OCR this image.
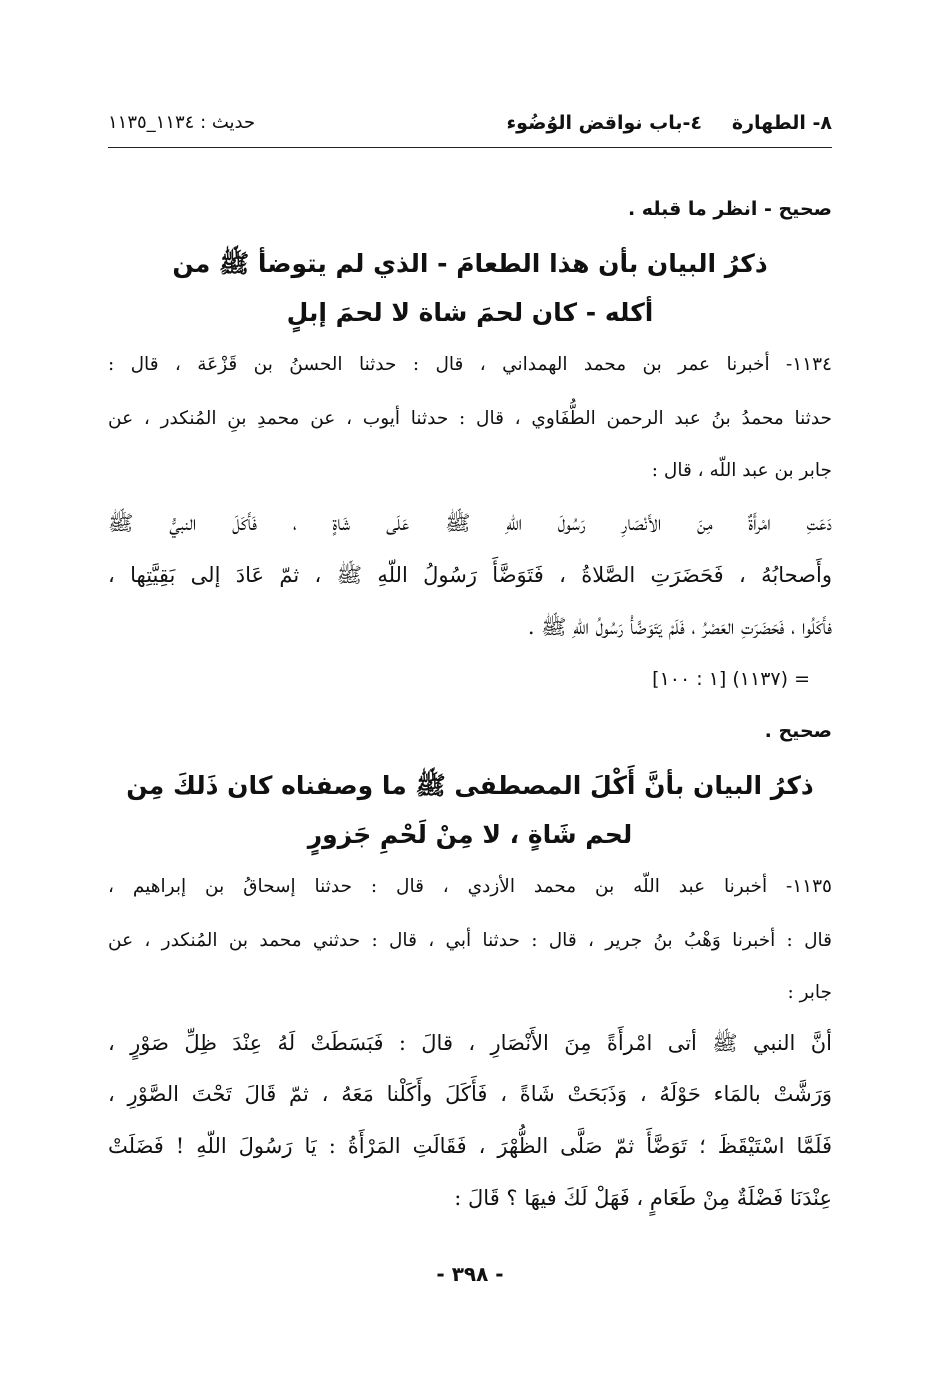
٨- الطهارة
٤-باب نواقض الوُضُوء
حديث : ١١٣٤_١١٣٥
صحيح - انظر ما قبله .
ذكرُ البيان بأن هذا الطعامَ - الذي لم يتوضأ ﷺ من
أكله - كان لحمَ شاة لا لحمَ إبلٍ
١١٣٤- أخبرنا عمر بن محمد الهمداني ، قال : حدثنا الحسنُ بن قَزْعَة ، قال :
حدثنا محمدُ بنُ عبد الرحمن الطُّفَاوي ، قال : حدثنا أيوب ، عن محمدِ بنِ المُنكدر ، عن
جابر بن عبد اللّه ، قال :
دَعَتِ امْرأَةٌ مِنَ الأَنْصَارِ رَسُولَ اللّهِ ﷺ عَلَى شَاةٍ ، فَأَكَلَ النبيُّ ﷺ
وأَصحابُهُ ، فَحَضَرَتِ الصَّلاةُ ، فَتَوَضَّأَ رَسُولُ اللّهِ ﷺ ، ثمّ عَادَ إلى بَقِيَّتِها ،
فأَكَلُوا ، فَحَضَرَتِ العَصْرُ ، فَلَمْ يَتَوَضَّأْ رَسُولُ اللّهِ ﷺ .
= (١١٣٧) [١ : ١٠٠]
صحيح .
ذكرُ البيان بأنَّ أَكْلَ المصطفى ﷺ ما وصفناه كان ذَلكَ مِن
لحم شَاةٍ ، لا مِنْ لَحْمِ جَزورٍ
١١٣٥- أخبرنا عبد اللّه بن محمد الأزدي ، قال : حدثنا إسحاقُ بن إبراهيم ،
قال : أخبرنا وَهْبُ بنُ جرير ، قال : حدثنا أبي ، قال : حدثني محمد بن المُنكدر ، عن
جابر :
أنَّ النبي ﷺ أتى امْرأَةً مِنَ الأَنْصَارِ ، قالَ : فَبَسَطَتْ لَهُ عِنْدَ ظِلِّ صَوْرٍ ،
وَرَشَّتْ بالمَاء حَوْلَهُ ، وَذَبَحَتْ شَاةً ، فَأَكَلَ وأَكَلْنا مَعَهُ ، ثمّ قَالَ تَحْتَ الصَّوْرِ ،
فَلَمَّا اسْتَيْقَظَ ؛ تَوَضَّأَ ثمّ صَلَّى الظُّهْرَ ، فَقَالَتِ المَرْأَةُ : يَا رَسُولَ اللّهِ ! فَضَلَتْ
عِنْدَنَا فَضْلَةٌ مِنْ طَعَامٍ ، فَهَلْ لَكَ فيهَا ؟ قَالَ :
- ٣٩٨ -
